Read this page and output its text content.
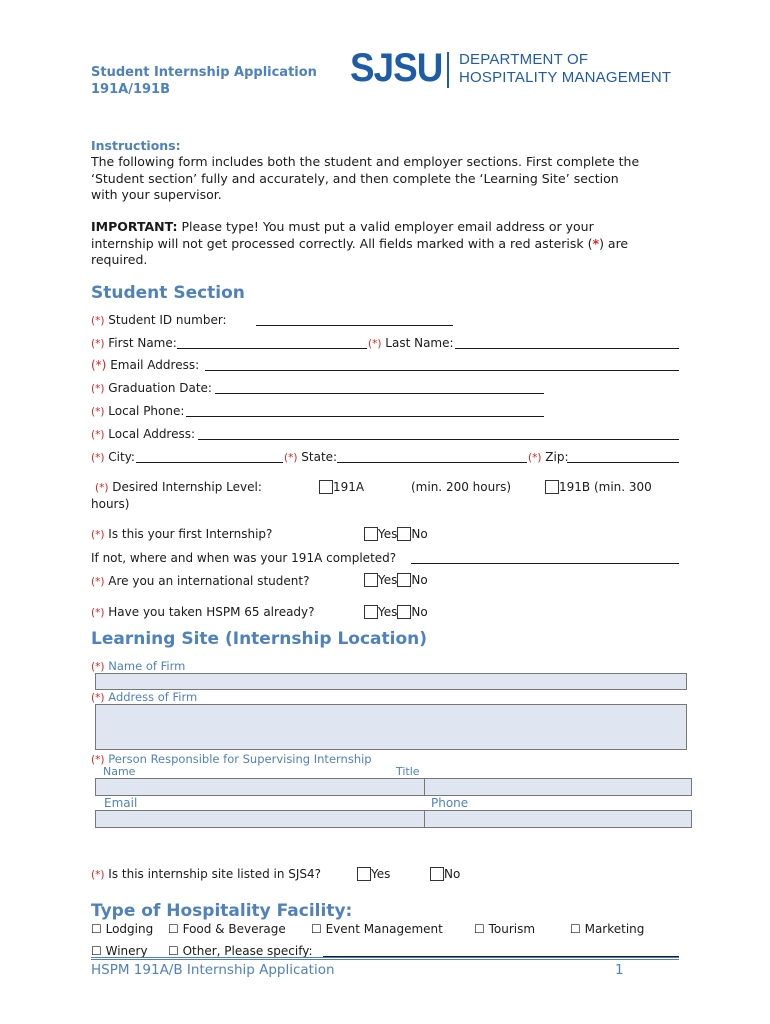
Student Internship Application
191A/191B	SJSU DEPARTMENT OF
HOSPITALITY MANAGEMENT
Instructions:
The following form includes both the student and employer sections. First complete the
‘Student section’ fully and accurately, and then complete the ‘Learning Site’ section
with your supervisor.
IMPORTANT: Please type! You must put a valid employer email address or your
internship will not get processed correctly. All fields marked with a red asterisk (*) are
required.
Student Section
(*) Student ID number:
(*) First Name:	(*) Last Name:
(*) Email Address:
(*) Graduation Date:
(*) Local Phone:
(*) Local Address:
(*) City:	(*) State:	(*) Zip:
(*) Desired Internship Level:	191A	(min. 200 hours)	191B (min. 300
hours)
(*) Is this your first Internship?	Yes No
If not, where and when was your 191A completed?
(*) Are you an international student?	Yes No
(*) Have you taken HSPM 65 already?	Yes No
Learning Site (Internship Location)
(*) Name of Firm
(*) Address of Firm
(*) Person Responsible for Supervising Internship
Name	Title
Email	Phone
(*) Is this internship site listed in SJS4?	Yes	No
Type of Hospitality Facility:
☐ Lodging ☐ Food & Beverage ☐ Event Management	☐ Tourism	☐ Marketing
☐ Winery ☐ Other, Please specify:
HSPM 191A/B Internship Application	1
